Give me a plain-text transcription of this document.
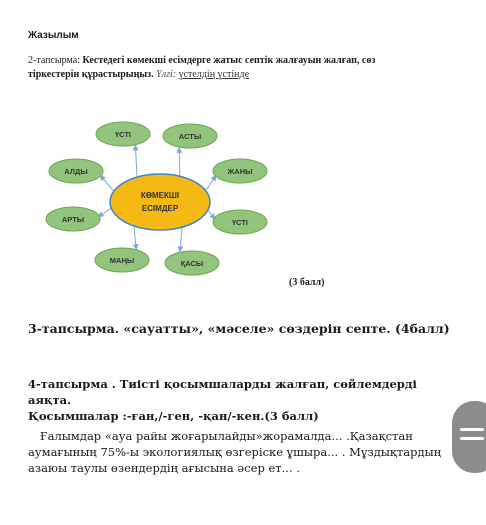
Жазылым
2-тапсырма: Кестедегі көмекші есімдерге жатыс септік жалғауын жалғап, сөз тіркестерін құрастырыңыз. Үлгі: үстелдің үстінде
ҮСТІ	АСТЫ
АЛДЫ	ЖАНЫ
АРТЫ	ҮСТІ
МАҢЫ	ҚАСЫ
КӨМЕКШІ
ЕСІМДЕР
(3 балл)
3-тапсырма. «сауатты», «мәселе» сөздерін септе. (4балл)
4-тапсырма . Тиісті қосымшаларды жалғап, сөйлемдерді аяқта.
Қосымшалар :-ған,/-ген, -қан/-кен.(3 балл)
Ғалымдар «ауа райы жоғарылайды»жорамалда... .Қазақстан аумағының 75%-ы экологиялық өзгеріске ұшыра... . Мұздықтардың азаюы таулы өзендердің ағысына әсер ет... .
